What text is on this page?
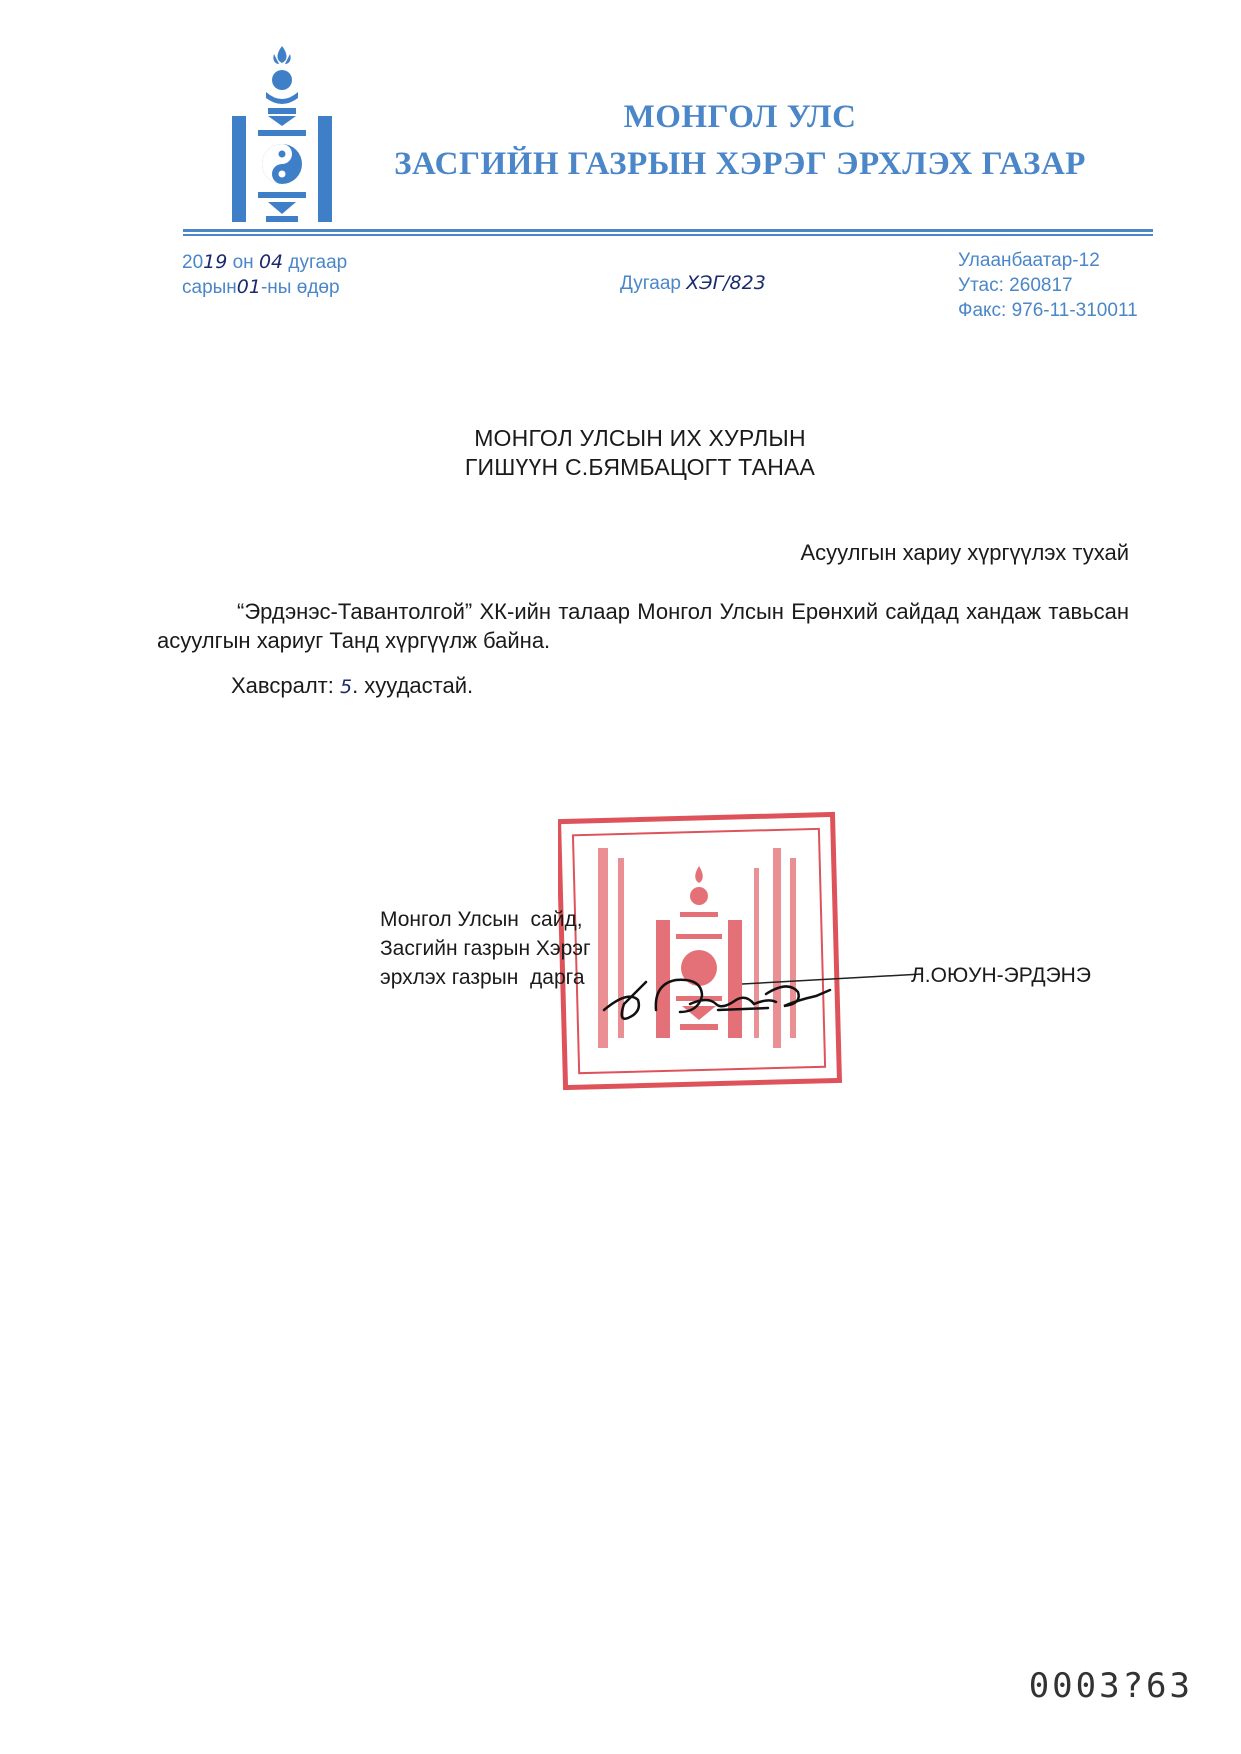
МОНГОЛ УЛС
ЗАСГИЙН ГАЗРЫН ХЭРЭГ ЭРХЛЭХ ГАЗАР
2019 он 04 дугаар
сарын01-ны өдөр	Дугаар ХЭГ/823
Улаанбаатар-12
Утас: 260817
Факс: 976-11-310011
МОНГОЛ УЛСЫН ИХ ХУРЛЫН
ГИШҮҮН С.БЯМБАЦОГТ ТАНАА
Асуулгын хариу хүргүүлэх тухай
“Эрдэнэс-Тавантолгой” ХК-ийн талаар Монгол Улсын Ерөнхий сайдад хандаж тавьсан асуулгын хариуг Танд хүргүүлж байна.
Хавсралт: 5. хуудастай.
Монгол Улсын  сайд,
Засгийн газрын Хэрэг
эрхлэх газрын  дарга	Л.ОЮУН-ЭРДЭНЭ
0003?63
